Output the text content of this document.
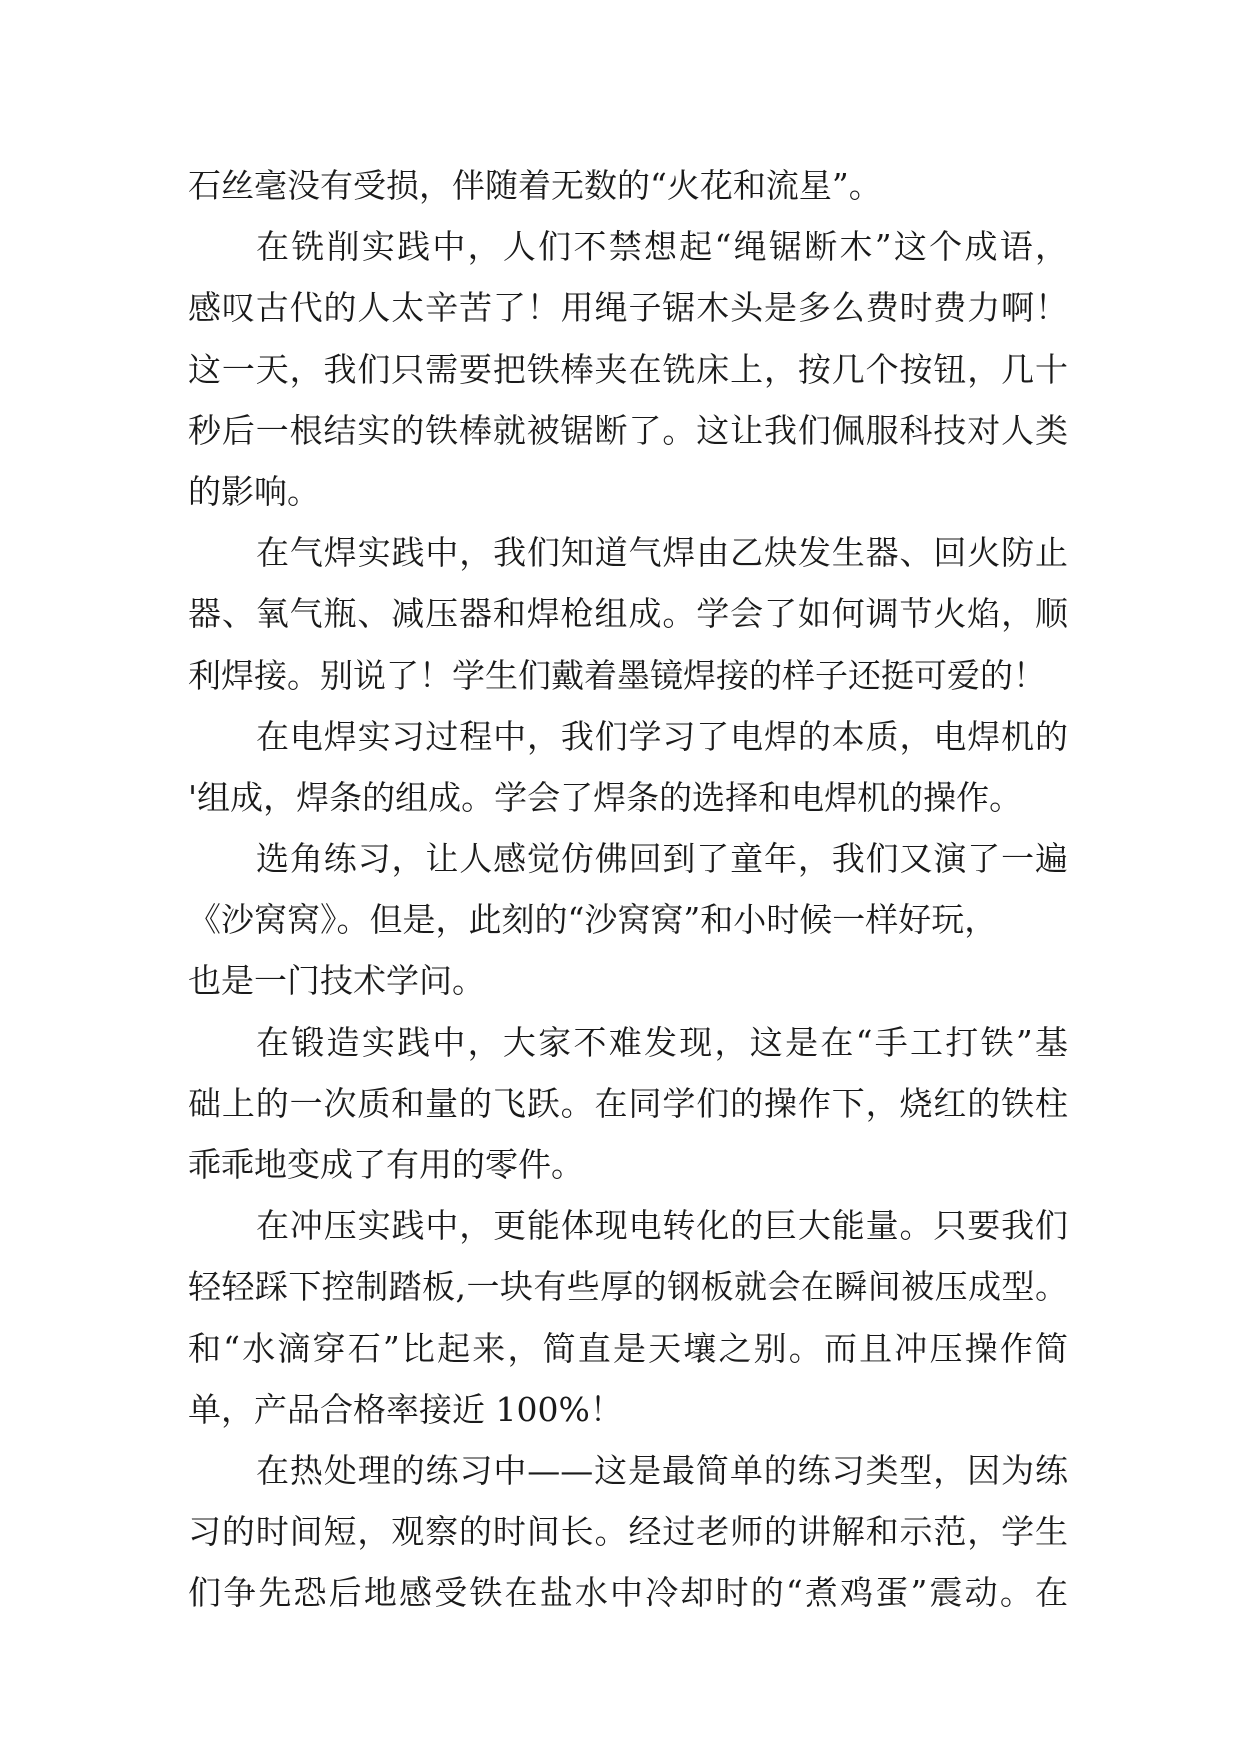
石丝毫没有受损，伴随着无数的“火花和流星”。
在铣削实践中，人们不禁想起“绳锯断木”这个成语，
感叹古代的人太辛苦了！用绳子锯木头是多么费时费力啊！
这一天，我们只需要把铁棒夹在铣床上，按几个按钮，几十
秒后一根结实的铁棒就被锯断了。这让我们佩服科技对人类
的影响。
在气焊实践中，我们知道气焊由乙炔发生器、回火防止
器、氧气瓶、减压器和焊枪组成。学会了如何调节火焰，顺
利焊接。别说了！学生们戴着墨镜焊接的样子还挺可爱的！
在电焊实习过程中，我们学习了电焊的本质，电焊机的
'组成，焊条的组成。学会了焊条的选择和电焊机的操作。
选角练习，让人感觉仿佛回到了童年，我们又演了一遍
《沙窝窝》。但是，此刻的“沙窝窝”和小时候一样好玩，
也是一门技术学问。
在锻造实践中，大家不难发现，这是在“手工打铁”基
础上的一次质和量的飞跃。在同学们的操作下，烧红的铁柱
乖乖地变成了有用的零件。
在冲压实践中，更能体现电转化的巨大能量。只要我们
轻轻踩下控制踏板,一块有些厚的钢板就会在瞬间被压成型。
和“水滴穿石”比起来，简直是天壤之别。而且冲压操作简
单，产品合格率接近 100%！
在热处理的练习中——这是最简单的练习类型，因为练
习的时间短，观察的时间长。经过老师的讲解和示范，学生
们争先恐后地感受铁在盐水中冷却时的“煮鸡蛋”震动。在
